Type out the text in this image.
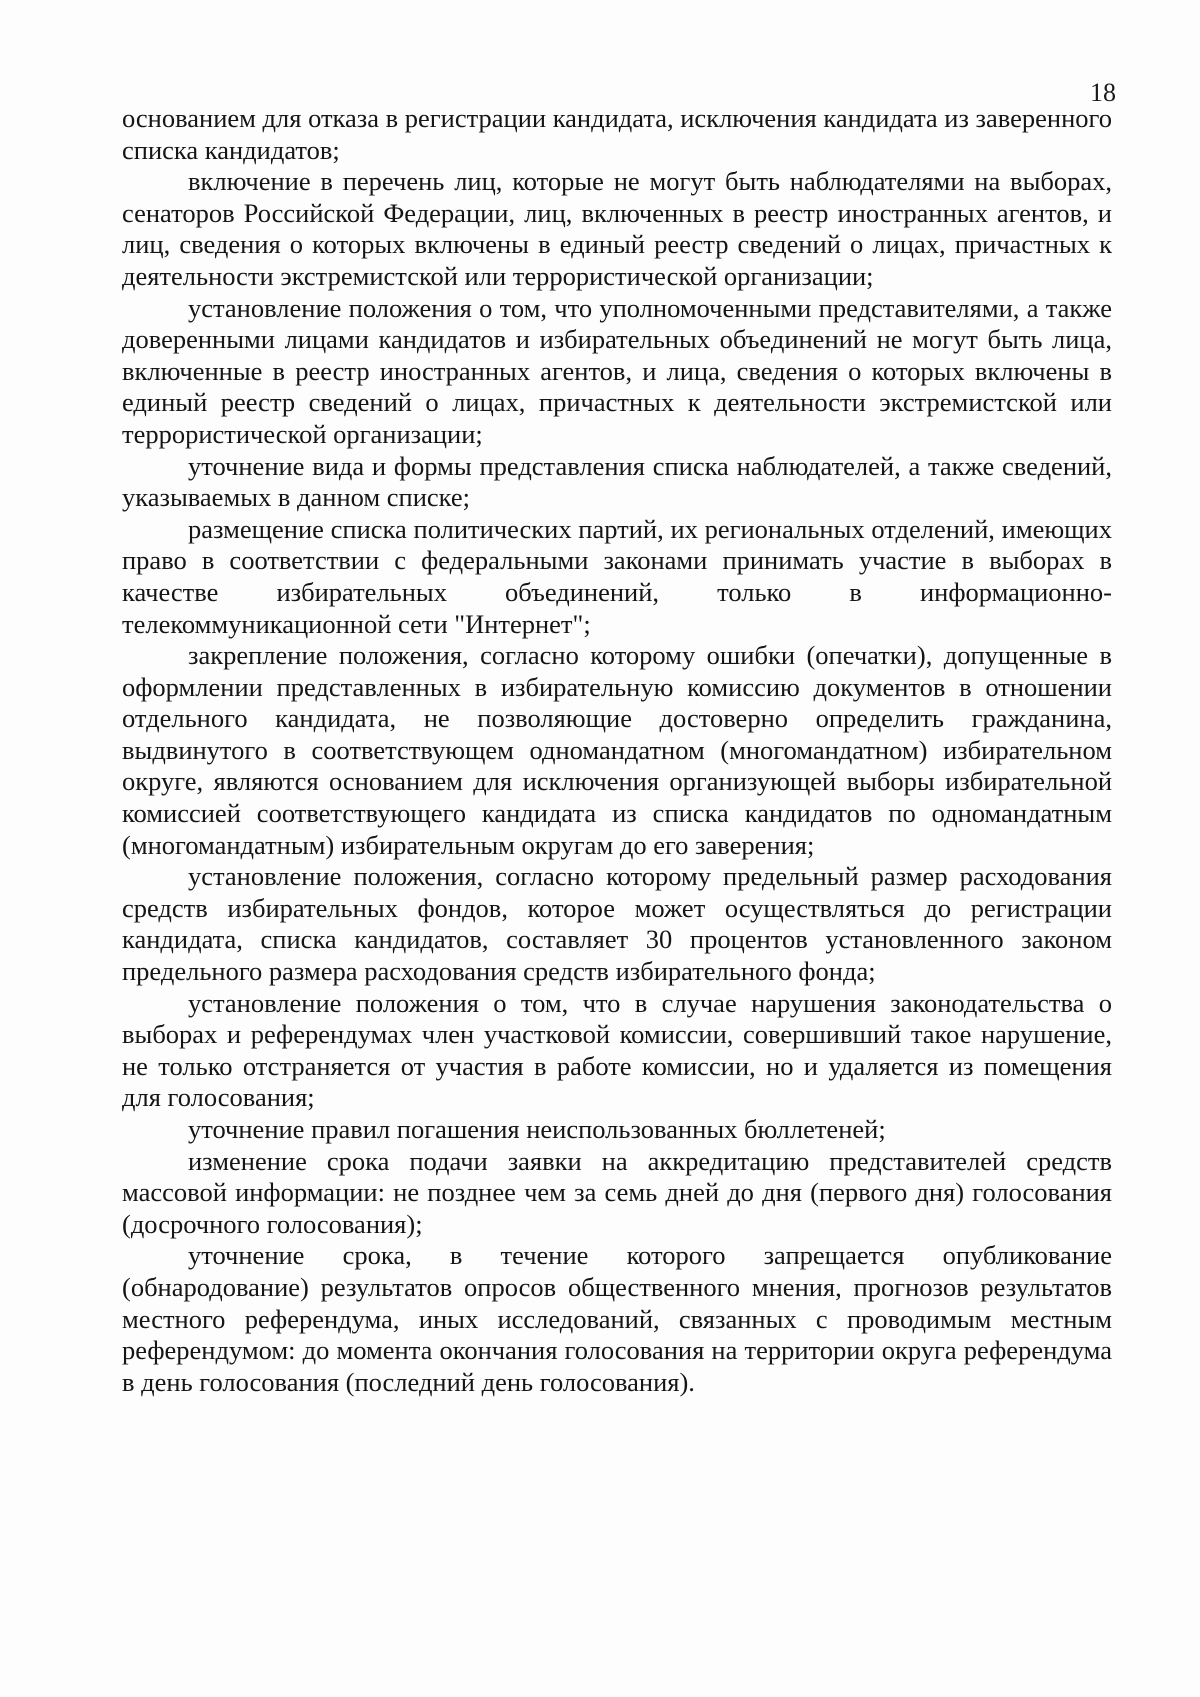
18

основанием для отказа в регистрации кандидата, исключения кандидата из заверенного списка кандидатов;

включение в перечень лиц, которые не могут быть наблюдателями на выборах, сенаторов Российской Федерации, лиц, включенных в реестр иностранных агентов, и лиц, сведения о которых включены в единый реестр сведений о лицах, причастных к деятельности экстремистской или террористической организации;

установление положения о том, что уполномоченными представителями, а также доверенными лицами кандидатов и избирательных объединений не могут быть лица, включенные в реестр иностранных агентов, и лица, сведения о которых включены в единый реестр сведений о лицах, причастных к деятельности экстремистской или террористической организации;

уточнение вида и формы представления списка наблюдателей, а также сведений, указываемых в данном списке;

размещение списка политических партий, их региональных отделений, имеющих право в соответствии с федеральными законами принимать участие в выборах в качестве избирательных объединений, только в информационно-телекоммуникационной сети "Интернет";

закрепление положения, согласно которому ошибки (опечатки), допущенные в оформлении представленных в избирательную комиссию документов в отношении отдельного кандидата, не позволяющие достоверно определить гражданина, выдвинутого в соответствующем одномандатном (многомандатном) избирательном округе, являются основанием для исключения организующей выборы избирательной комиссией соответствующего кандидата из списка кандидатов по одномандатным (многомандатным) избирательным округам до его заверения;

установление положения, согласно которому предельный размер расходования средств избирательных фондов, которое может осуществляться до регистрации кандидата, списка кандидатов, составляет 30 процентов установленного законом предельного размера расходования средств избирательного фонда;

установление положения о том, что в случае нарушения законодательства о выборах и референдумах член участковой комиссии, совершивший такое нарушение, не только отстраняется от участия в работе комиссии, но и удаляется из помещения для голосования;

уточнение правил погашения неиспользованных бюллетеней;

изменение срока подачи заявки на аккредитацию представителей средств массовой информации: не позднее чем за семь дней до дня (первого дня) голосования (досрочного голосования);

уточнение срока, в течение которого запрещается опубликование (обнародование) результатов опросов общественного мнения, прогнозов результатов местного референдума, иных исследований, связанных с проводимым местным референдумом: до момента окончания голосования на территории округа референдума в день голосования (последний день голосования).
